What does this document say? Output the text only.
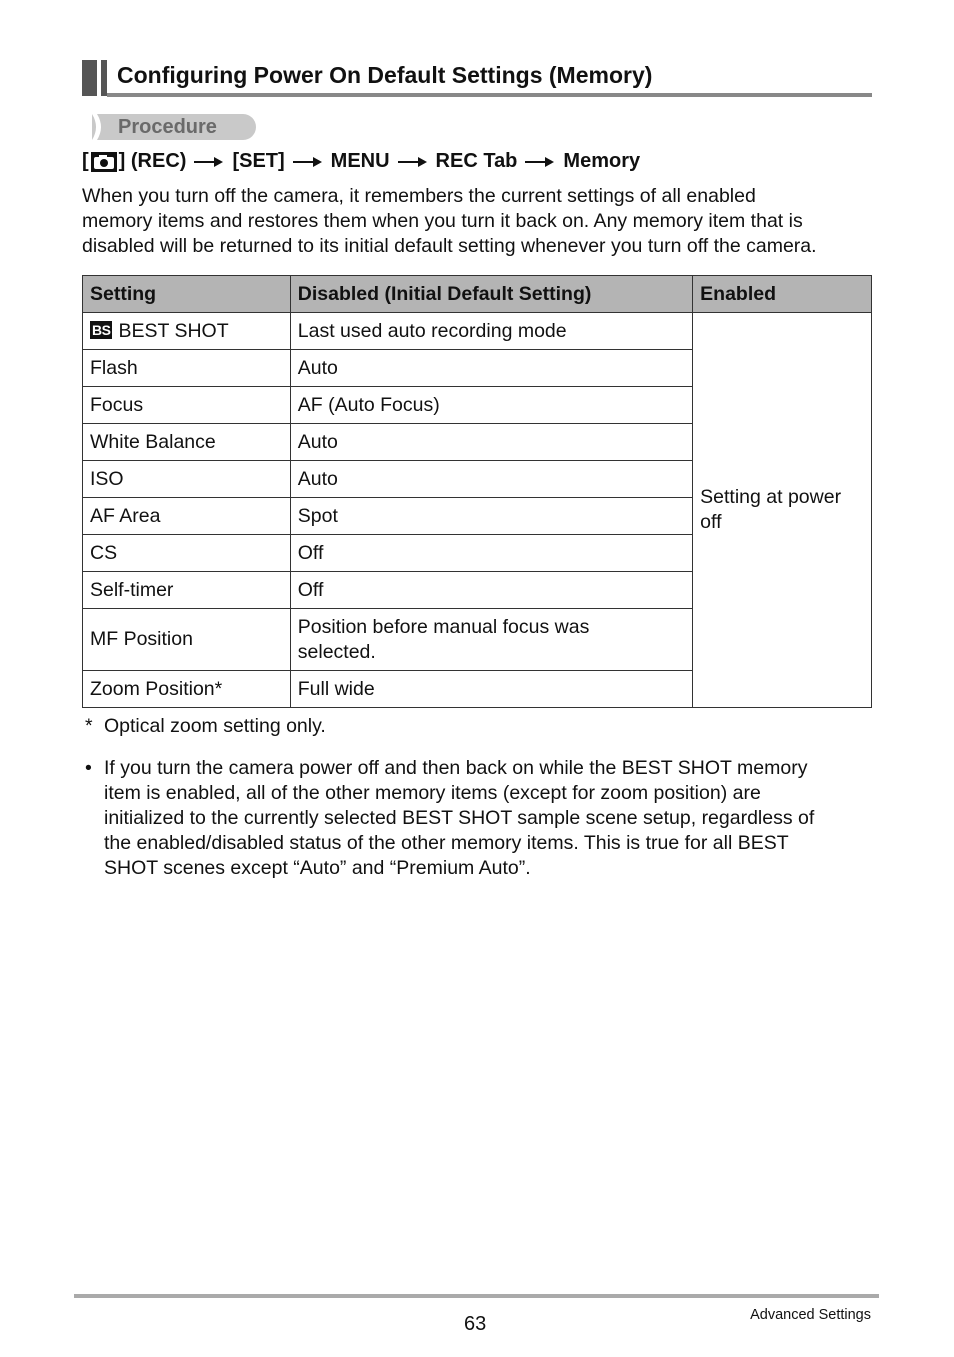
Configuring Power On Default Settings (Memory)
Procedure
[ ] (REC) [SET] MENU REC Tab Memory
When you turn off the camera, it remembers the current settings of all enabled
memory items and restores them when you turn it back on. Any memory item that is
disabled will be returned to its initial default setting whenever you turn off the camera.
Setting	Disabled (Initial Default Setting)	Enabled
BS BEST SHOT	Last used auto recording mode	Setting at power
off

Flash	Auto	
Focus	AF (Auto Focus)	
White Balance	Auto	
ISO	Auto	
AF Area	Spot	
CS	Off	
Self-timer	Off	
MF Position	Position before manual focus was
selected.	

Zoom Position*	Full wide	
* Optical zoom setting only.
• If you turn the camera power off and then back on while the BEST SHOT memory
item is enabled, all of the other memory items (except for zoom position) are
initialized to the currently selected BEST SHOT sample scene setup, regardless of
the enabled/disabled status of the other memory items. This is true for all BEST
SHOT scenes except “Auto” and “Premium Auto”.
63	Advanced Settings
